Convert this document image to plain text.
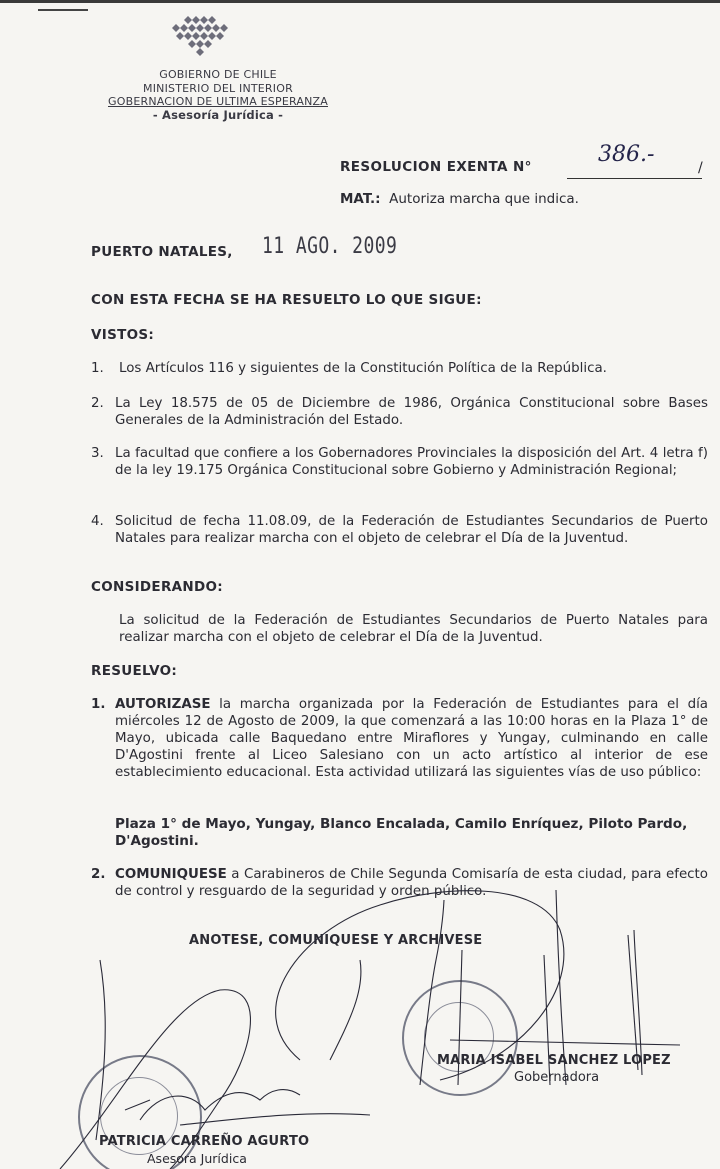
GOBIERNO DE CHILE
MINISTERIO DEL INTERIOR
GOBERNACION DE ULTIMA ESPERANZA
- Asesoría Jurídica -
RESOLUCION EXENTA N°	386.-
/
MAT.: Autoriza marcha que indica.
PUERTO NATALES, 11 AGO. 2009
CON ESTA FECHA SE HA RESUELTO LO QUE SIGUE:
VISTOS:
1. Los Artículos 116 y siguientes de la Constitución Política de la República.
2. La Ley 18.575 de 05 de Diciembre de 1986, Orgánica Constitucional sobre Bases Generales de la Administración del Estado.
3. La facultad que confiere a los Gobernadores Provinciales la disposición del Art. 4 letra f) de la ley 19.175 Orgánica Constitucional sobre Gobierno y Administración Regional;
4. Solicitud de fecha 11.08.09, de la Federación de Estudiantes Secundarios de Puerto Natales para realizar marcha con el objeto de celebrar el Día de la Juventud.
CONSIDERANDO:
La solicitud de la Federación de Estudiantes Secundarios de Puerto Natales para realizar marcha con el objeto de celebrar el Día de la Juventud.
RESUELVO:
1. AUTORIZASE la marcha organizada por la Federación de Estudiantes para el día miércoles 12 de Agosto de 2009, la que comenzará a las 10:00 horas en la Plaza 1° de Mayo, ubicada calle Baquedano entre Miraflores y Yungay, culminando en calle D'Agostini frente al Liceo Salesiano con un acto artístico al interior de ese establecimiento educacional. Esta actividad utilizará las siguientes vías de uso público:
Plaza 1° de Mayo, Yungay, Blanco Encalada, Camilo Enríquez, Piloto Pardo, D'Agostini.
2. COMUNIQUESE a Carabineros de Chile Segunda Comisaría de esta ciudad, para efecto de control y resguardo de la seguridad y orden público.
ANOTESE, COMUNIQUESE Y ARCHIVESE
MARIA ISABEL SANCHEZ LOPEZ
Gobernadora
PATRICIA CARREÑO AGURTO
Asesora Jurídica
